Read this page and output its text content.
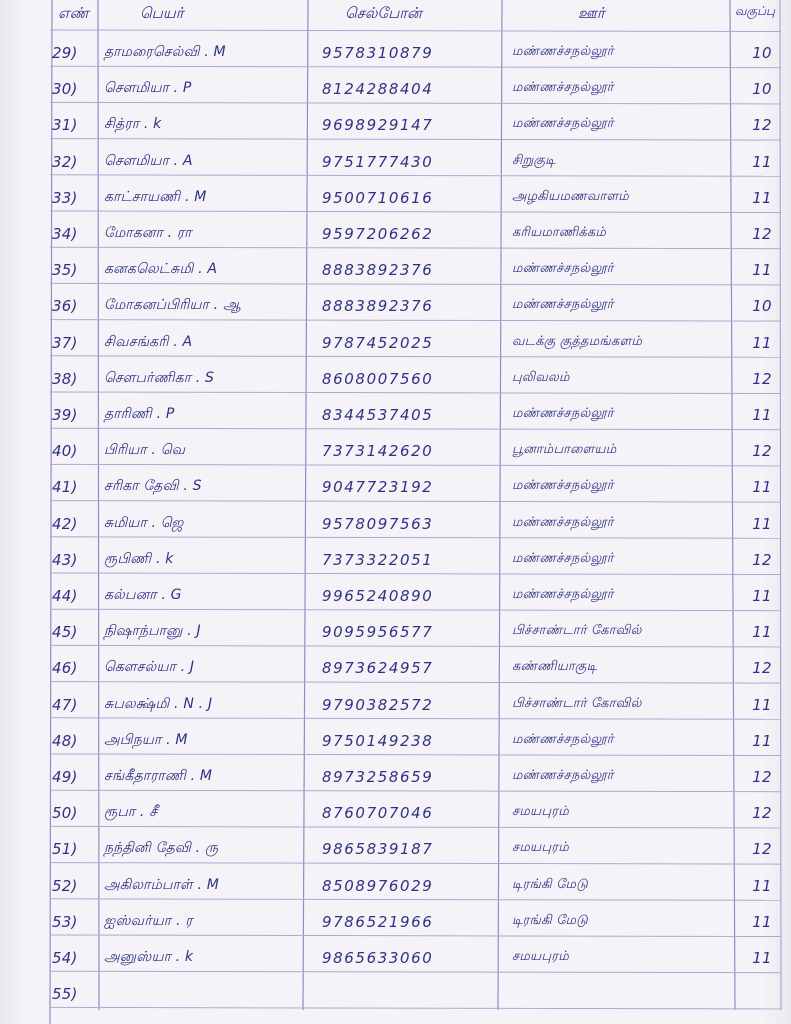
எண்	பெயர்	செல்போன்	ஊர்	வகுப்பு
29)	தாமரைசெல்வி . M	9578310879	மண்ணச்சநல்லூர்	10
30)	சௌமியா . P	8124288404	மண்ணச்சநல்லூர்	10
31)	சித்ரா . k	9698929147	மண்ணச்சநல்லூர்	12
32)	சௌமியா . A	9751777430	சிறுகுடி	11
33)	காட்சாயணி . M	9500710616	அழகியமணவாளம்	11
34)	மோகனா . ரா	9597206262	கரியமாணிக்கம்	12
35)	கனகலெட்சுமி . A	8883892376	மண்ணச்சநல்லூர்	11
36)	மோகனப்பிரியா . ஆ	8883892376	மண்ணச்சநல்லூர்	10
37)	சிவசங்கரி . A	9787452025	வடக்கு குத்தமங்களம்	11
38)	சௌபர்ணிகா . S	8608007560	புலிவலம்	12
39)	தாரிணி . P	8344537405	மண்ணச்சநல்லூர்	11
40)	பிரியா . வெ	7373142620	பூனாம்பாளையம்	12
41)	சரிகா தேவி . S	9047723192	மண்ணச்சநல்லூர்	11
42)	சுமியா . ஜெ	9578097563	மண்ணச்சநல்லூர்	11
43)	ரூபிணி . k	7373322051	மண்ணச்சநல்லூர்	12
44)	கல்பனா . G	9965240890	மண்ணச்சநல்லூர்	11
45)	நிஷாந்பானு . J	9095956577	பிச்சாண்டார் கோவில்	11
46)	கௌசல்யா . J	8973624957	கண்ணியாகுடி	12
47)	சுபலக்ஷ்மி . N . J	9790382572	பிச்சாண்டார் கோவில்	11
48)	அபிநயா . M	9750149238	மண்ணச்சநல்லூர்	11
49)	சங்கீதாராணி . M	8973258659	மண்ணச்சநல்லூர்	12
50)	ரூபா . சீ	8760707046	சமயபுரம்	12
51)	நந்தினி தேவி . ரு	9865839187	சமயபுரம்	12
52)	அகிலாம்பாள் . M	8508976029	டிரங்கி மேடு	11
53)	ஐஸ்வர்யா . ர	9786521966	டிரங்கி மேடு	11
54)	அனுஸ்யா . k	9865633060	சமயபுரம்	11
55)
